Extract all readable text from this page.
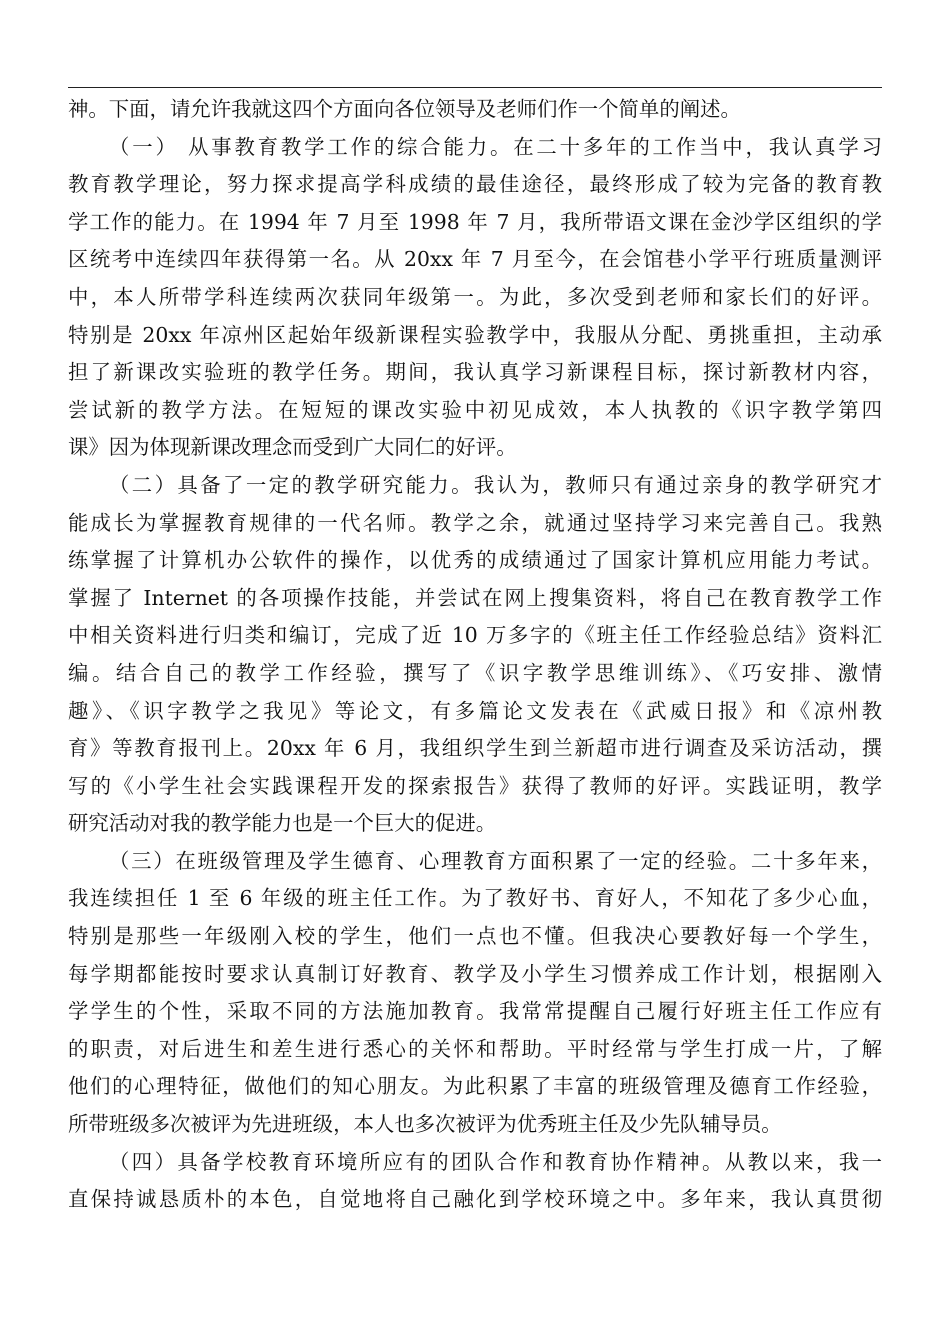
神。下面，请允许我就这四个方面向各位领导及老师们作一个简单的阐述。
（一） 从事教育教学工作的综合能力。在二十多年的工作当中，我认真学习
教育教学理论，努力探求提高学科成绩的最佳途径，最终形成了较为完备的教育教
学工作的能力。在 1994 年 7 月至 1998 年 7 月，我所带语文课在金沙学区组织的学
区统考中连续四年获得第一名。从 20xx 年 7 月至今，在会馆巷小学平行班质量测评
中，本人所带学科连续两次获同年级第一。为此，多次受到老师和家长们的好评。
特别是 20xx 年凉州区起始年级新课程实验教学中，我服从分配、勇挑重担，主动承
担了新课改实验班的教学任务。期间，我认真学习新课程目标，探讨新教材内容，
尝试新的教学方法。在短短的课改实验中初见成效，本人执教的《识字教学第四
课》因为体现新课改理念而受到广大同仁的好评。
（二）具备了一定的教学研究能力。我认为，教师只有通过亲身的教学研究才
能成长为掌握教育规律的一代名师。教学之余，就通过坚持学习来完善自己。我熟
练掌握了计算机办公软件的操作，以优秀的成绩通过了国家计算机应用能力考试。
掌握了 Internet 的各项操作技能，并尝试在网上搜集资料，将自己在教育教学工作
中相关资料进行归类和编订，完成了近 10 万多字的《班主任工作经验总结》资料汇
编。结合自己的教学工作经验，撰写了《识字教学思维训练》、《巧安排、激情
趣》、《识字教学之我见》等论文，有多篇论文发表在《武威日报》和《凉州教
育》等教育报刊上。20xx 年 6 月，我组织学生到兰新超市进行调查及采访活动，撰
写的《小学生社会实践课程开发的探索报告》获得了教师的好评。实践证明，教学
研究活动对我的教学能力也是一个巨大的促进。
（三）在班级管理及学生德育、心理教育方面积累了一定的经验。二十多年来，
我连续担任 1 至 6 年级的班主任工作。为了教好书、育好人，不知花了多少心血，
特别是那些一年级刚入校的学生，他们一点也不懂。但我决心要教好每一个学生，
每学期都能按时要求认真制订好教育、教学及小学生习惯养成工作计划，根据刚入
学学生的个性，采取不同的方法施加教育。我常常提醒自己履行好班主任工作应有
的职责，对后进生和差生进行悉心的关怀和帮助。平时经常与学生打成一片，了解
他们的心理特征，做他们的知心朋友。为此积累了丰富的班级管理及德育工作经验，
所带班级多次被评为先进班级，本人也多次被评为优秀班主任及少先队辅导员。
（四）具备学校教育环境所应有的团队合作和教育协作精神。从教以来，我一
直保持诚恳质朴的本色，自觉地将自己融化到学校环境之中。多年来，我认真贯彻
